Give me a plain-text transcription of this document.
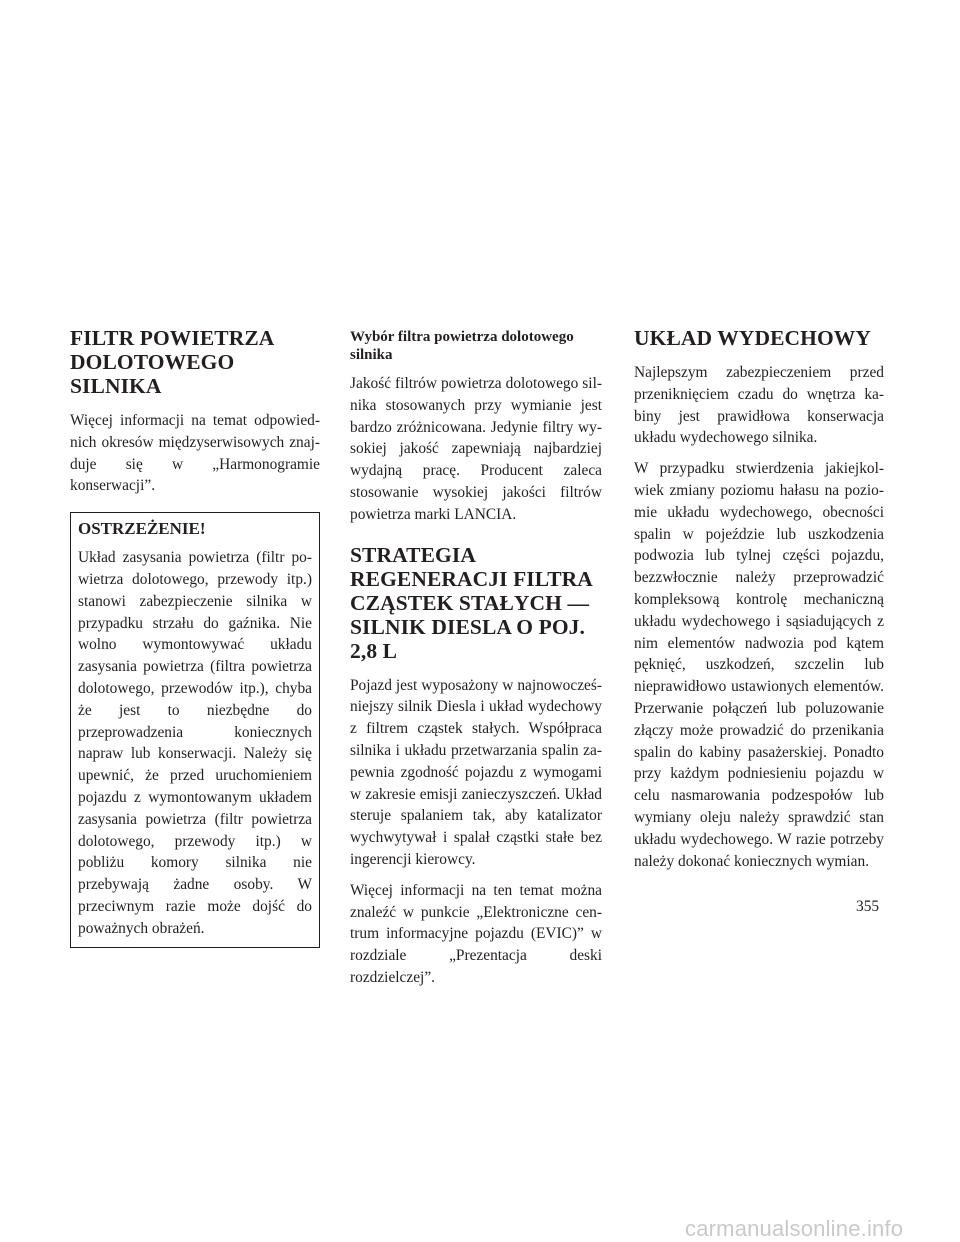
FILTR POWIETRZA
DOLOTOWEGO SILNIKA

Więcej informacji na temat odpowiednich okresów międzyserwisowych znajduje się w „Harmonogramie konserwacji”.

OSTRZEŻENIE!

Układ zasysania powietrza (filtr powietrza dolotowego, przewody itp.) stanowi zabezpieczenie silnika w przypadku strzału do gaźnika. Nie wolno wymontowywać układu zasysania powietrza (filtra powietrza dolotowego, przewodów itp.), chyba że jest to niezbędne do przeprowadzenia koniecznych napraw lub konserwacji. Należy się upewnić, że przed uruchomieniem pojazdu z wymontowanym układem zasysania powietrza (filtr powietrza dolotowego, przewody itp.) w pobliżu komory silnika nie przebywają żadne osoby. W przeciwnym razie może dojść do poważnych obrażeń.

Wybór filtra powietrza dolotowego
silnika

Jakość filtrów powietrza dolotowego silnika stosowanych przy wymianie jest bardzo zróżnicowana. Jedynie filtry wysokiej jakość zapewniają najbardziej wydajną pracę. Producent zaleca stosowanie wysokiej jakości filtrów powietrza marki LANCIA.

STRATEGIA
REGENERACJI FILTRA
CZĄSTEK STAŁYCH —
SILNIK DIESLA O POJ. 2,8 L

Pojazd jest wyposażony w najnowocześniejszy silnik Diesla i układ wydechowy z filtrem cząstek stałych. Współpraca silnika i układu przetwarzania spalin zapewnia zgodność pojazdu z wymogami w zakresie emisji zanieczyszczeń. Układ steruje spalaniem tak, aby katalizator wychwytywał i spalał cząstki stałe bez ingerencji kierowcy.

Więcej informacji na ten temat można znaleźć w punkcie „Elektroniczne centrum informacyjne pojazdu (EVIC)” w rozdziale „Prezentacja deski rozdzielczej”.

UKŁAD WYDECHOWY

Najlepszym zabezpieczeniem przed przeniknięciem czadu do wnętrza kabiny jest prawidłowa konserwacja układu wydechowego silnika.

W przypadku stwierdzenia jakiejkolwiek zmiany poziomu hałasu na poziomie układu wydechowego, obecności spalin w pojeździe lub uszkodzenia podwozia lub tylnej części pojazdu, bezzwłocznie należy przeprowadzić kompleksową kontrolę mechaniczną układu wydechowego i sąsiadujących z nim elementów nadwozia pod kątem pęknięć, uszkodzeń, szczelin lub nieprawidłowo ustawionych elementów. Przerwanie połączeń lub poluzowanie złączy może prowadzić do przenikania spalin do kabiny pasażerskiej. Ponadto przy każdym podniesieniu pojazdu w celu nasmarowania podzespołów lub wymiany oleju należy sprawdzić stan układu wydechowego. W razie potrzeby należy dokonać koniecznych wymian.

355
carmanualsonline.info
